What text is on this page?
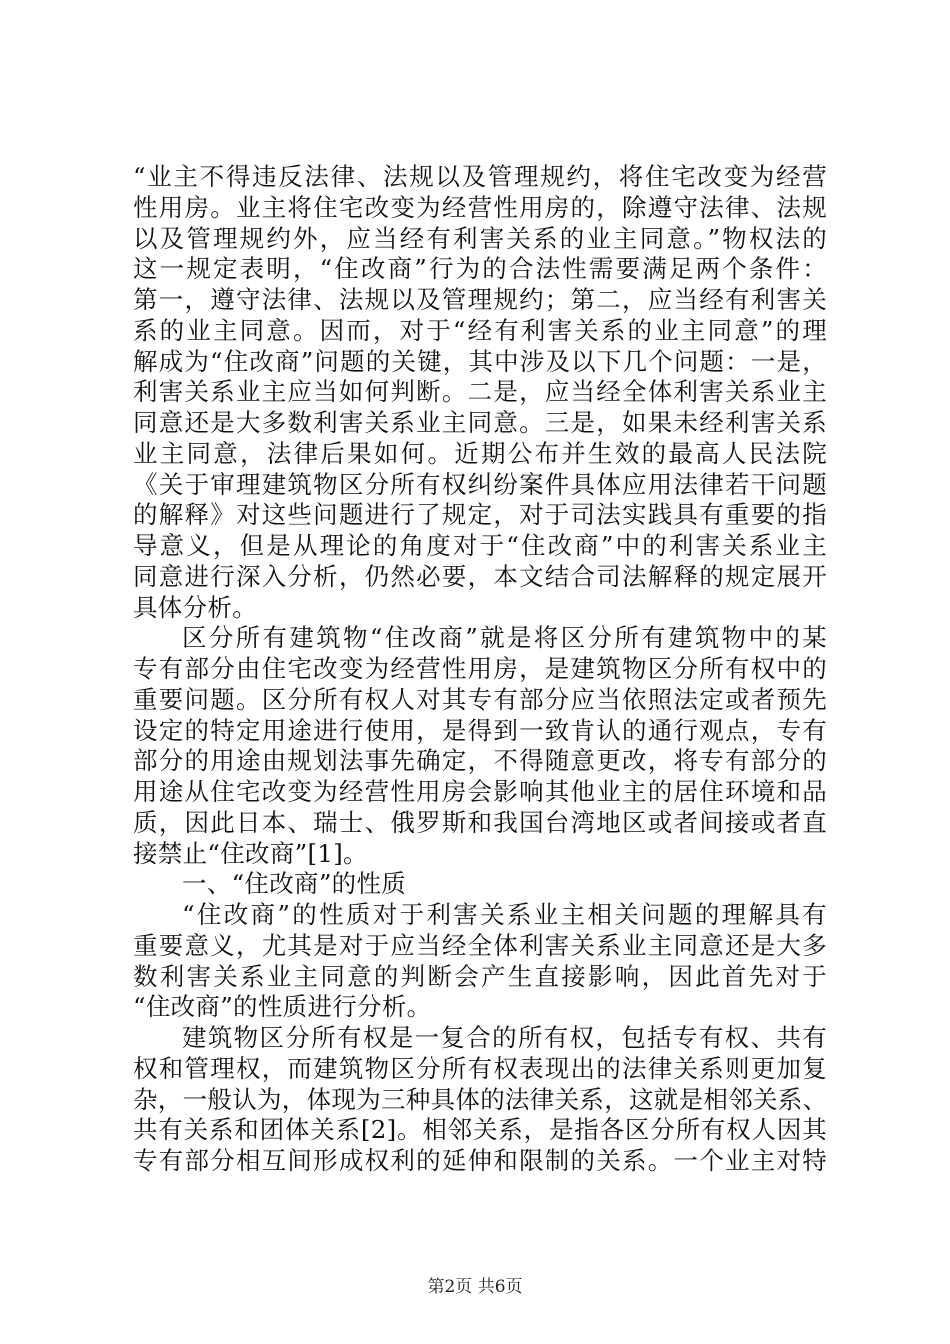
“业主不得违反法律、法规以及管理规约，将住宅改变为经营
性用房。业主将住宅改变为经营性用房的，除遵守法律、法规
以及管理规约外，应当经有利害关系的业主同意。”物权法的
这一规定表明，“住改商”行为的合法性需要满足两个条件：
第一，遵守法律、法规以及管理规约；第二，应当经有利害关
系的业主同意。因而，对于“经有利害关系的业主同意”的理
解成为“住改商”问题的关键，其中涉及以下几个问题：一是，
利害关系业主应当如何判断。二是，应当经全体利害关系业主
同意还是大多数利害关系业主同意。三是，如果未经利害关系
业主同意，法律后果如何。近期公布并生效的最高人民法院
《关于审理建筑物区分所有权纠纷案件具体应用法律若干问题
的解释》对这些问题进行了规定，对于司法实践具有重要的指
导意义，但是从理论的角度对于“住改商”中的利害关系业主
同意进行深入分析，仍然必要，本文结合司法解释的规定展开
具体分析。
区分所有建筑物“住改商”就是将区分所有建筑物中的某
专有部分由住宅改变为经营性用房，是建筑物区分所有权中的
重要问题。区分所有权人对其专有部分应当依照法定或者预先
设定的特定用途进行使用，是得到一致肯认的通行观点，专有
部分的用途由规划法事先确定，不得随意更改，将专有部分的
用途从住宅改变为经营性用房会影响其他业主的居住环境和品
质，因此日本、瑞士、俄罗斯和我国台湾地区或者间接或者直
接禁止“住改商”[1]。
一、“住改商”的性质
“住改商”的性质对于利害关系业主相关问题的理解具有
重要意义，尤其是对于应当经全体利害关系业主同意还是大多
数利害关系业主同意的判断会产生直接影响，因此首先对于
“住改商”的性质进行分析。
建筑物区分所有权是一复合的所有权，包括专有权、共有
权和管理权，而建筑物区分所有权表现出的法律关系则更加复
杂，一般认为，体现为三种具体的法律关系，这就是相邻关系、
共有关系和团体关系[2]。相邻关系，是指各区分所有权人因其
专有部分相互间形成权利的延伸和限制的关系。一个业主对特
第2页 共6页
